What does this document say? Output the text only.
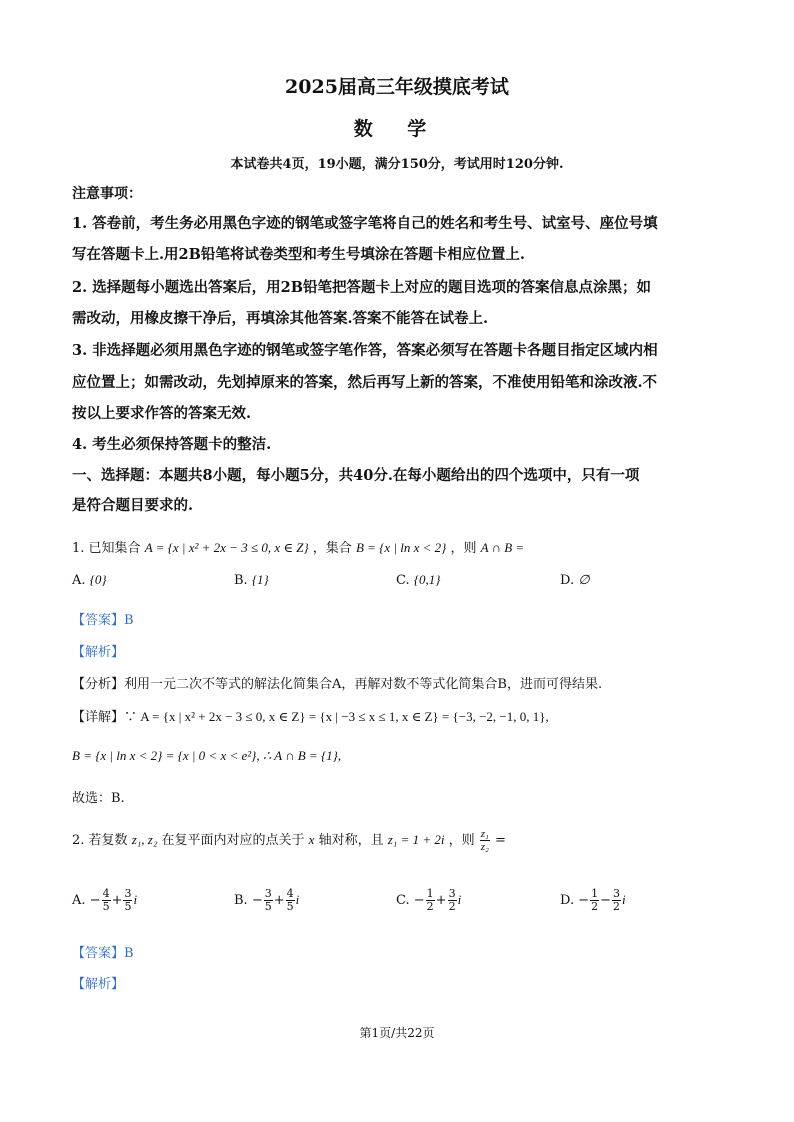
2025届高三年级摸底考试
数 学
本试卷共4页，19小题，满分150分，考试用时120分钟.
注意事项：
1. 答卷前，考生务必用黑色字迹的钢笔或签字笔将自己的姓名和考生号、试室号、座位号填
写在答题卡上.用2B铅笔将试卷类型和考生号填涂在答题卡相应位置上.
2. 选择题每小题选出答案后，用2B铅笔把答题卡上对应的题目选项的答案信息点涂黑；如
需改动，用橡皮擦干净后，再填涂其他答案.答案不能答在试卷上.
3. 非选择题必须用黑色字迹的钢笔或签字笔作答，答案必须写在答题卡各题目指定区域内相
应位置上；如需改动，先划掉原来的答案，然后再写上新的答案，不准使用铅笔和涂改液.不
按以上要求作答的答案无效.
4. 考生必须保持答题卡的整洁.
一、选择题：本题共8小题，每小题5分，共40分.在每小题给出的四个选项中，只有一项
是符合题目要求的.
1. 已知集合 A = {x | x² + 2x − 3 ≤ 0, x ∈ Z} ，集合 B = {x | ln x < 2} ，则 A ∩ B =
A. {0}	B. {1}	C. {0,1}	D. ∅
【答案】B
【解析】
【分析】利用一元二次不等式的解法化简集合A，再解对数不等式化简集合B，进而可得结果.
【详解】∵ A = {x | x² + 2x − 3 ≤ 0, x ∈ Z} = {x | −3 ≤ x ≤ 1, x ∈ Z} = {−3, −2, −1, 0, 1},
B = {x | ln x < 2} = {x | 0 < x < e²}, ∴ A ∩ B = {1},
故选：B.
2. 若复数 z₁, z₂ 在复平面内对应的点关于 x 轴对称，且 z₁ = 1 + 2i ，则 $\frac{\text{z₁}}{\text{z₂}}$ =
A. − $\frac{4}{5} + \frac{3}{5}$ i	B. − $\frac{3}{5} + \frac{4}{5}$ i	C. − $\frac{1}{2} + \frac{3}{2}$ i	D. − $\frac{1}{2} - \frac{3}{2}$ i
【答案】B
【解析】
第1页/共22页
